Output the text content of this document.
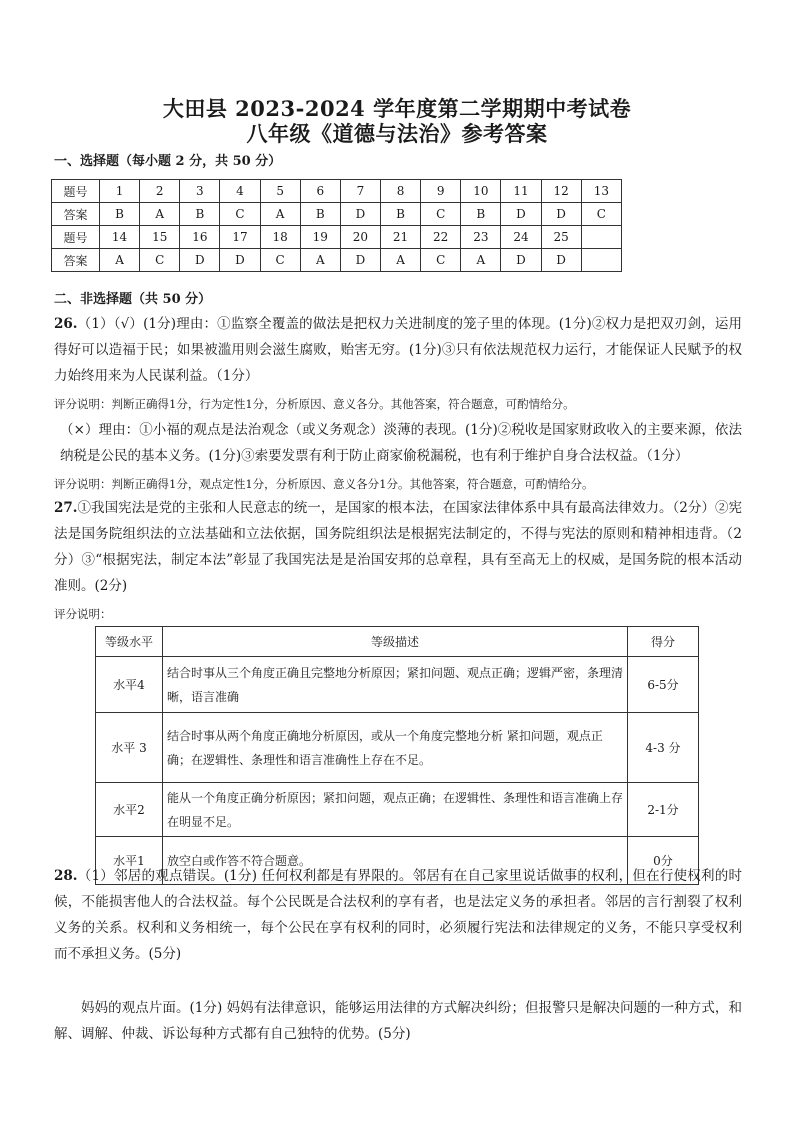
大田县 2023-2024 学年度第二学期期中考试卷
八年级《道德与法治》参考答案
一、选择题（每小题 2 分，共 50 分）
题号	1	2	3	4	5	6	7	8	9	10	11	12	13
答案	B	A	B	C	A	B	D	B	C	B	D	D	C
题号	14	15	16	17	18	19	20	21	22	23	24	25	
答案	A	C	D	D	C	A	D	A	C	A	D	D	
二、非选择题（共 50 分）
26.（1）（√）(1分)理由：①监察全覆盖的做法是把权力关进制度的笼子里的体现。(1分)②权力是把双刃剑，运用得好可以造福于民；如果被滥用则会滋生腐败，贻害无穷。(1分)③只有依法规范权力运行，才能保证人民赋予的权力始终用来为人民谋利益。（1分）
评分说明：判断正确得1分，行为定性1分，分析原因、意义各分。其他答案，符合题意，可酌情给分。
（×）理由：①小福的观点是法治观念（或义务观念）淡薄的表现。(1分)②税收是国家财政收入的主要来源，依法纳税是公民的基本义务。(1分)③索要发票有利于防止商家偷税漏税，也有利于维护自身合法权益。（1分）
评分说明：判断正确得1分，观点定性1分，分析原因、意义各分1分。其他答案，符合题意，可酌情给分。
27.①我国宪法是党的主张和人民意志的统一，是国家的根本法，在国家法律体系中具有最高法律效力。（2分）②宪法是国务院组织法的立法基础和立法依据，国务院组织法是根据宪法制定的，不得与宪法的原则和精神相违背。（2分）③“根据宪法，制定本法”彰显了我国宪法是是治国安邦的总章程，具有至高无上的权威，是国务院的根本活动准则。(2分)
评分说明：
等级水平	等级描述	得分
水平4	结合时事从三个角度正确且完整地分析原因；紧扣问题、观点正确；逻辑严密，条理清晰，语言准确	6-5分
水平 3	结合时事从两个角度正确地分析原因，或从一个角度完整地分析 紧扣问题，观点正确；在逻辑性、条理性和语言准确性上存在不足。	4-3 分
水平2	能从一个角度正确分析原因；紧扣问题，观点正确；在逻辑性、条理性和语言准确上存在明显不足。	2-1分
水平1	放空白或作答不符合题意。	0分
28.（1）邻居的观点错误。(1分) 任何权利都是有界限的。邻居有在自己家里说话做事的权利，但在行使权利的时候，不能损害他人的合法权益。每个公民既是合法权利的享有者，也是法定义务的承担者。邻居的言行割裂了权利义务的关系。权利和义务相统一，每个公民在享有权利的同时，必须履行宪法和法律规定的义务，不能只享受权利而不承担义务。(5分)
妈妈的观点片面。(1分) 妈妈有法律意识，能够运用法律的方式解决纠纷；但报警只是解决问题的一种方式，和解、调解、仲裁、诉讼每种方式都有自己独特的优势。(5分)
